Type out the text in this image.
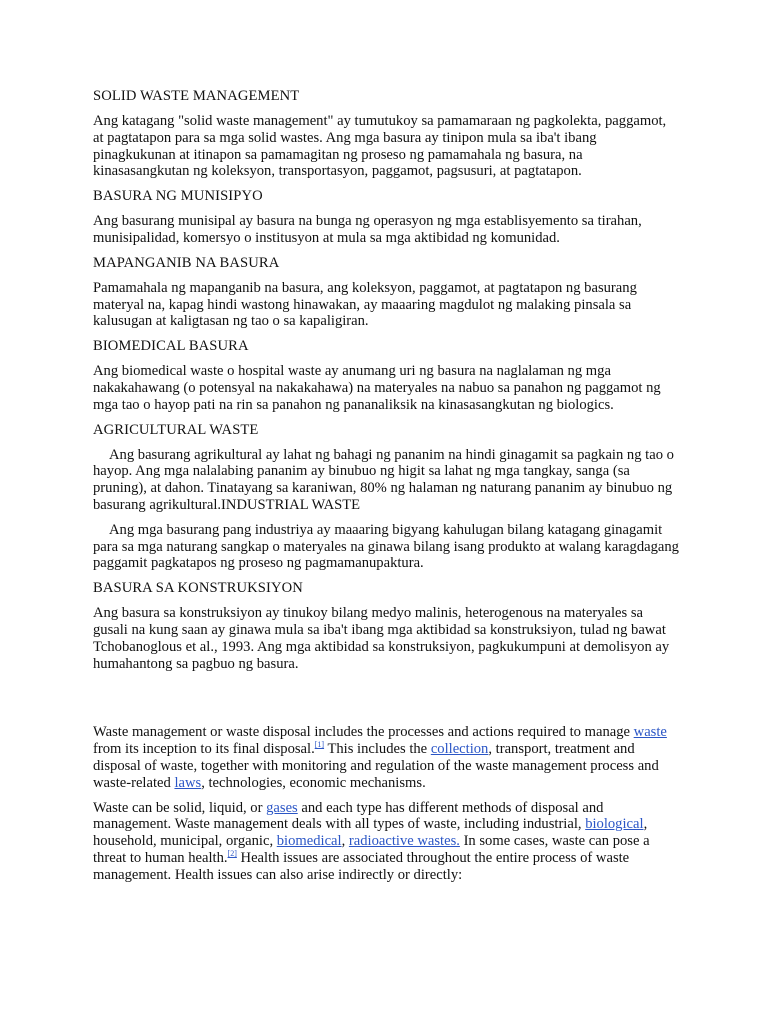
SOLID WASTE MANAGEMENT

Ang katagang "solid waste management" ay tumutukoy sa pamamaraan ng pagkolekta, paggamot, at pagtatapon para sa mga solid wastes. Ang mga basura ay tinipon mula sa iba't ibang pinagkukunan at itinapon sa pamamagitan ng proseso ng pamamahala ng basura, na kinasasangkutan ng koleksyon, transportasyon, paggamot, pagsusuri, at pagtatapon.

BASURA NG MUNISIPYO

Ang basurang munisipal ay basura na bunga ng operasyon ng mga establisyemento sa tirahan, munisipalidad, komersyo o institusyon at mula sa mga aktibidad ng komunidad.

MAPANGANIB NA BASURA

Pamamahala ng mapanganib na basura, ang koleksyon, paggamot, at pagtatapon ng basurang materyal na, kapag hindi wastong hinawakan, ay maaaring magdulot ng malaking pinsala sa kalusugan at kaligtasan ng tao o sa kapaligiran.

BIOMEDICAL BASURA

Ang biomedical waste o hospital waste ay anumang uri ng basura na naglalaman ng mga nakakahawang (o potensyal na nakakahawa) na materyales na nabuo sa panahon ng paggamot ng mga tao o hayop pati na rin sa panahon ng pananaliksik na kinasasangkutan ng biologics.

AGRICULTURAL WASTE

Ang basurang agrikultural ay lahat ng bahagi ng pananim na hindi ginagamit sa pagkain ng tao o hayop. Ang mga nalalabing pananim ay binubuo ng higit sa lahat ng mga tangkay, sanga (sa pruning), at dahon. Tinatayang sa karaniwan, 80% ng halaman ng naturang pananim ay binubuo ng basurang agrikultural.INDUSTRIAL WASTE

Ang mga basurang pang industriya ay maaaring bigyang kahulugan bilang katagang ginagamit para sa mga naturang sangkap o materyales na ginawa bilang isang produkto at walang karagdagang paggamit pagkatapos ng proseso ng pagmamanupaktura.

BASURA SA KONSTRUKSIYON

Ang basura sa konstruksiyon ay tinukoy bilang medyo malinis, heterogenous na materyales sa gusali na kung saan ay ginawa mula sa iba't ibang mga aktibidad sa konstruksiyon, tulad ng bawat Tchobanoglous et al., 1993. Ang mga aktibidad sa konstruksiyon, pagkukumpuni at demolisyon ay humahantong sa pagbuo ng basura.

Waste management or waste disposal includes the processes and actions required to manage waste from its inception to its final disposal.[1] This includes the collection, transport, treatment and disposal of waste, together with monitoring and regulation of the waste management process and waste-related laws, technologies, economic mechanisms.

Waste can be solid, liquid, or gases and each type has different methods of disposal and management. Waste management deals with all types of waste, including industrial, biological, household, municipal, organic, biomedical, radioactive wastes. In some cases, waste can pose a threat to human health.[2] Health issues are associated throughout the entire process of waste management. Health issues can also arise indirectly or directly:
